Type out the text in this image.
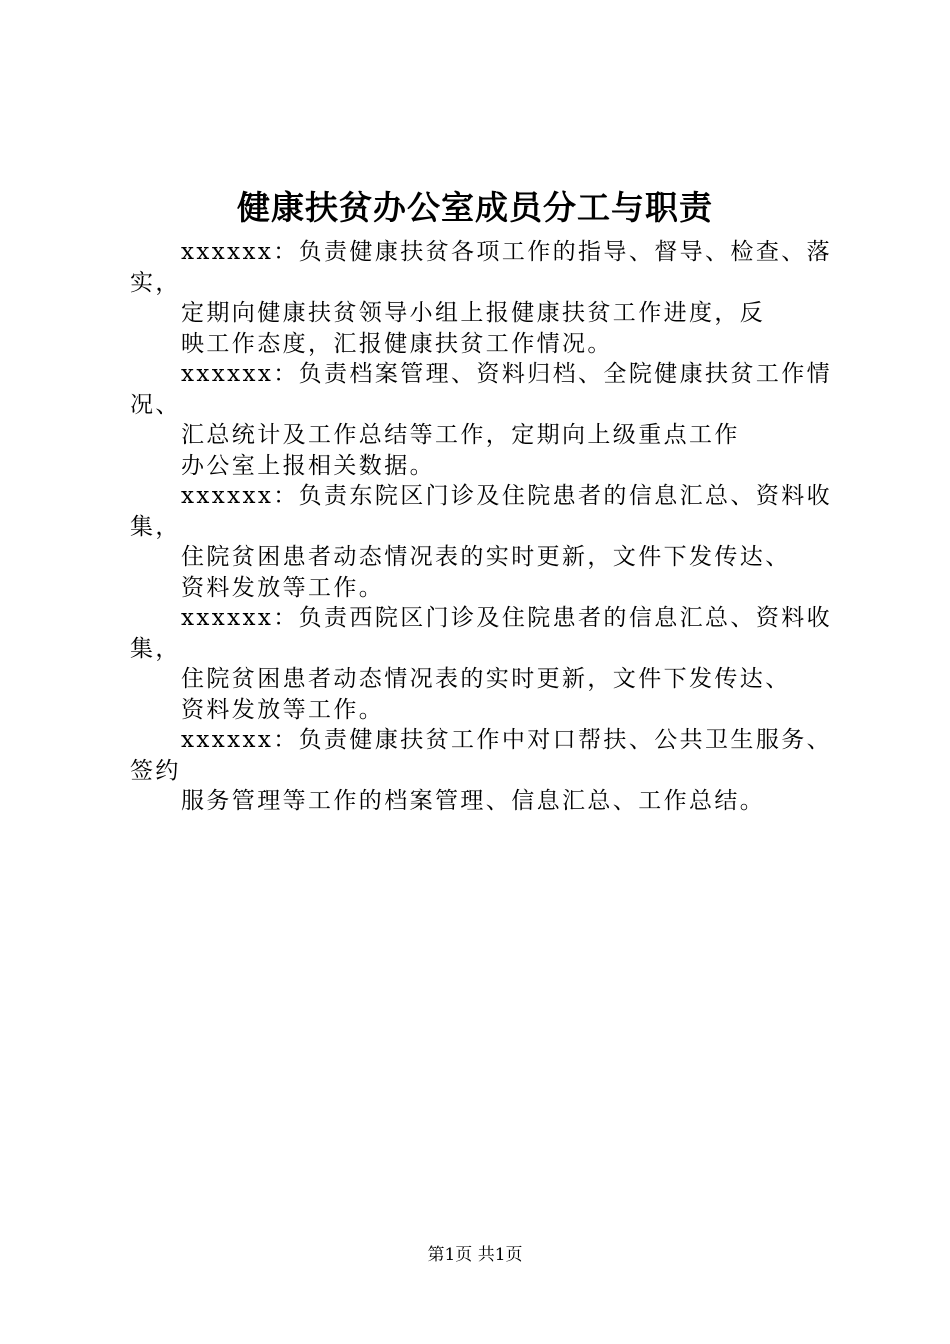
健康扶贫办公室成员分工与职责
xxxxxx：负责健康扶贫各项工作的指导、督导、检查、落
实，
定期向健康扶贫领导小组上报健康扶贫工作进度，反
映工作态度，汇报健康扶贫工作情况。
xxxxxx：负责档案管理、资料归档、全院健康扶贫工作情
况、
汇总统计及工作总结等工作，定期向上级重点工作
办公室上报相关数据。
xxxxxx：负责东院区门诊及住院患者的信息汇总、资料收
集，
住院贫困患者动态情况表的实时更新，文件下发传达、
资料发放等工作。
xxxxxx：负责西院区门诊及住院患者的信息汇总、资料收
集，
住院贫困患者动态情况表的实时更新，文件下发传达、
资料发放等工作。
xxxxxx：负责健康扶贫工作中对口帮扶、公共卫生服务、
签约
服务管理等工作的档案管理、信息汇总、工作总结。
第1页 共1页
